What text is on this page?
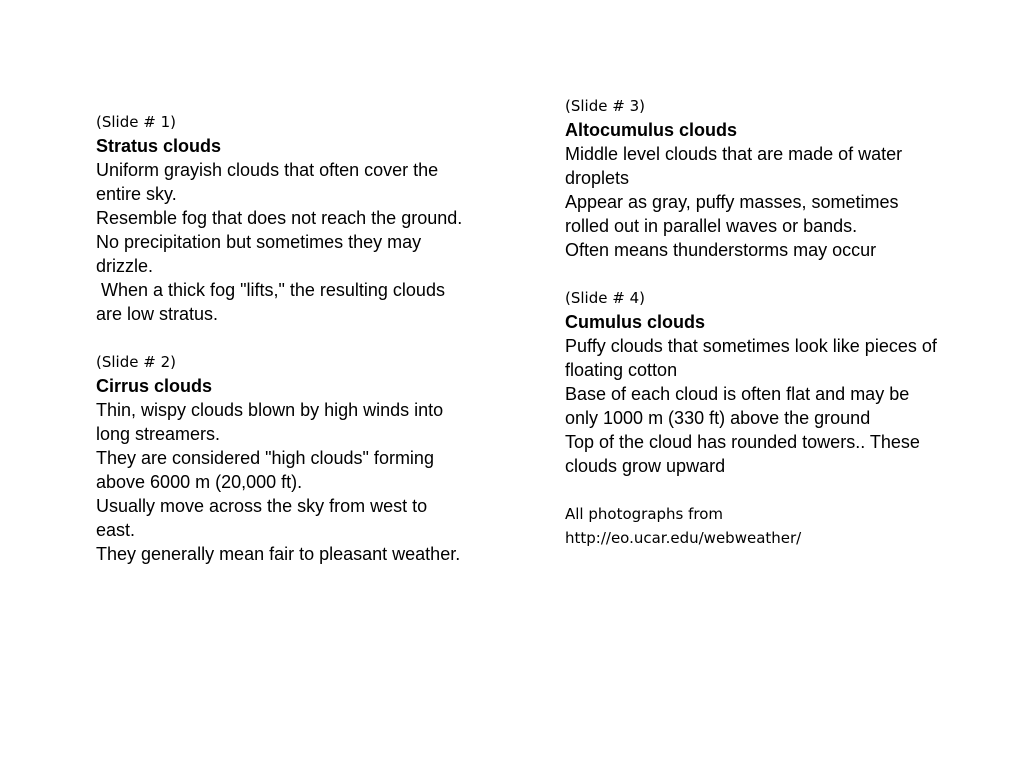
(Slide # 1)

Stratus clouds

Uniform grayish clouds that often cover the entire sky.

Resemble fog that does not reach the ground.

No precipitation but sometimes they may drizzle.

When a thick fog "lifts," the resulting clouds are low stratus.

(Slide # 2)

Cirrus clouds

Thin, wispy clouds blown by high winds into long streamers.

They are considered "high clouds" forming above 6000 m (20,000 ft).

Usually move across the sky from west to east.

They generally mean fair to pleasant weather.

(Slide # 3)

Altocumulus clouds

Middle level clouds that are made of water droplets

Appear as gray, puffy masses, sometimes rolled out in parallel waves or bands.

Often means thunderstorms may occur

(Slide # 4)

Cumulus clouds

Puffy clouds that sometimes look like pieces of floating cotton

Base of each cloud is often flat and may be only 1000 m (330 ft) above the ground

Top of the cloud has rounded towers.. These clouds grow upward

All photographs from

http://eo.ucar.edu/webweather/
